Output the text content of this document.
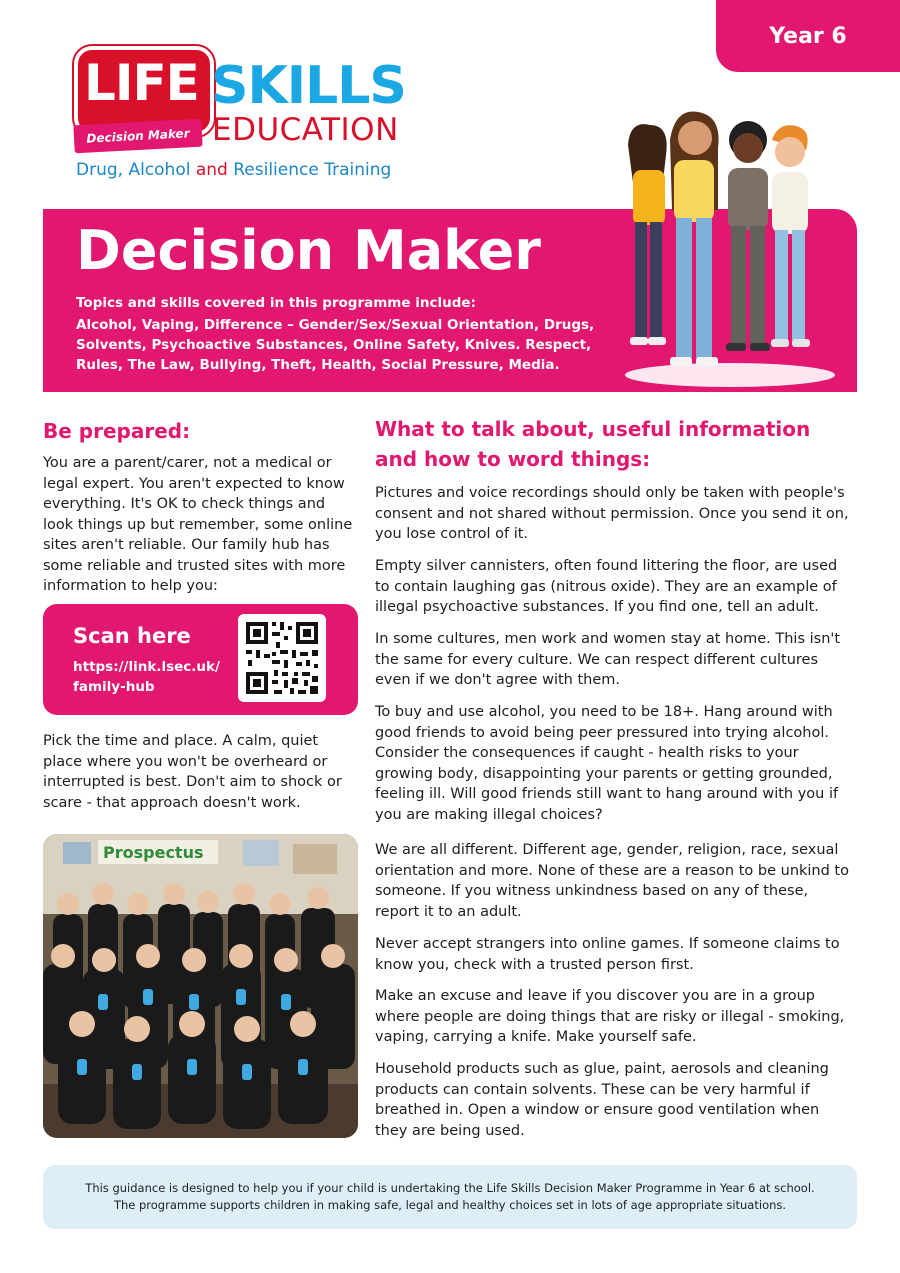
Year 6
LIFE SKILLS
EDUCATION
Decision Maker
Drug, Alcohol and Resilience Training
Decision Maker
Topics and skills covered in this programme include:
Alcohol, Vaping, Difference – Gender/Sex/Sexual Orientation, Drugs, Solvents, Psychoactive Substances, Online Safety, Knives. Respect, Rules, The Law, Bullying, Theft, Health, Social Pressure, Media.
Be prepared:
You are a parent/carer, not a medical or legal expert. You aren't expected to know everything. It's OK to check things and look things up but remember, some online sites aren't reliable. Our family hub has some reliable and trusted sites with more information to help you:
Scan here
https://link.lsec.uk/ family-hub
Pick the time and place. A calm, quiet place where you won't be overheard or interrupted is best. Don't aim to shock or scare - that approach doesn't work.
Prospectus
What to talk about, useful information and how to word things:
Pictures and voice recordings should only be taken with people's consent and not shared without permission. Once you send it on, you lose control of it.
Empty silver cannisters, often found littering the floor, are used to contain laughing gas (nitrous oxide). They are an example of illegal psychoactive substances. If you find one, tell an adult.
In some cultures, men work and women stay at home. This isn't the same for every culture. We can respect different cultures even if we don't agree with them.
To buy and use alcohol, you need to be 18+. Hang around with good friends to avoid being peer pressured into trying alcohol. Consider the consequences if caught - health risks to your growing body, disappointing your parents or getting grounded, feeling ill. Will good friends still want to hang around with you if you are making illegal choices?
We are all different. Different age, gender, religion, race, sexual orientation and more. None of these are a reason to be unkind to someone. If you witness unkindness based on any of these, report it to an adult.
Never accept strangers into online games. If someone claims to know you, check with a trusted person first.
Make an excuse and leave if you discover you are in a group where people are doing things that are risky or illegal - smoking, vaping, carrying a knife. Make yourself safe.
Household products such as glue, paint, aerosols and cleaning products can contain solvents. These can be very harmful if breathed in. Open a window or ensure good ventilation when they are being used.
This guidance is designed to help you if your child is undertaking the Life Skills Decision Maker Programme in Year 6 at school.
The programme supports children in making safe, legal and healthy choices set in lots of age appropriate situations.
